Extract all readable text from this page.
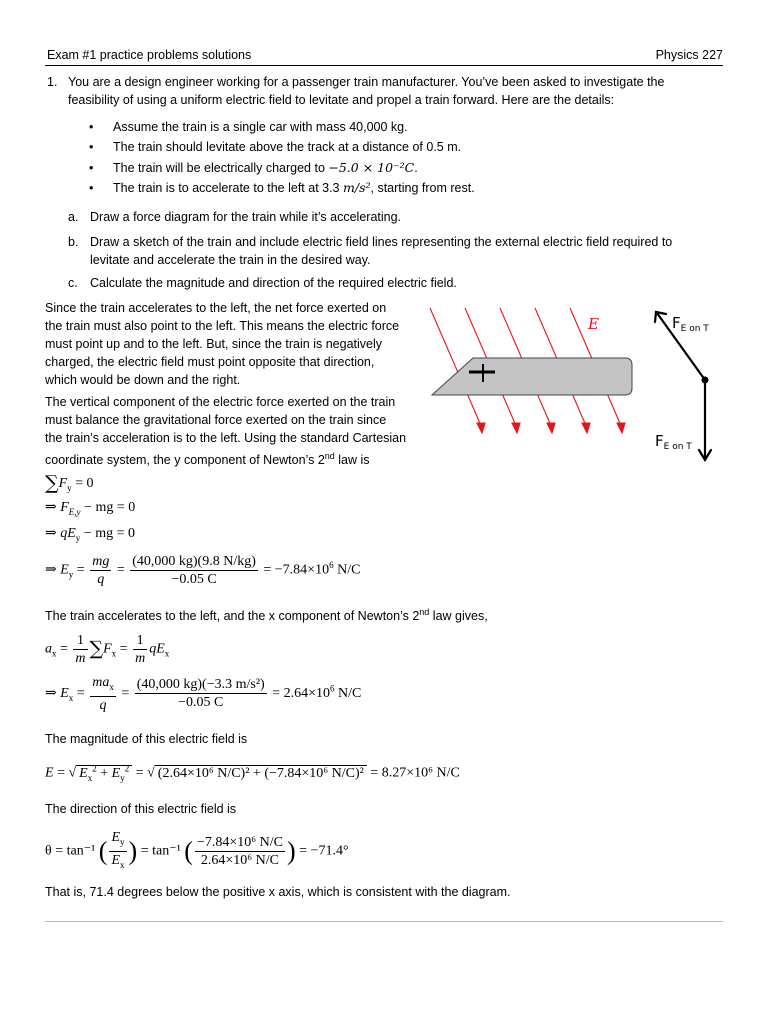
Exam #1 practice problems solutions	Physics 227
1. You are a design engineer working for a passenger train manufacturer. You’ve been asked to investigate the
feasibility of using a uniform electric field to levitate and propel a train forward. Here are the details:
• Assume the train is a single car with mass 40,000 kg.
• The train should levitate above the track at a distance of 0.5 m.
• The train will be electrically charged to −5.0 × 10⁻²C.
• The train is to accelerate to the left at 3.3 m/s², starting from rest.
a. Draw a force diagram for the train while it’s accelerating.
b. Draw a sketch of the train and include electric field lines representing the external electric field required to
levitate and accelerate the train in the desired way.
c. Calculate the magnitude and direction of the required electric field.
Since the train accelerates to the left, the net force exerted on
the train must also point to the left. This means the electric force
must point up and to the left. But, since the train is negatively
charged, the electric field must point opposite that direction,
which would be down and the right.
The vertical component of the electric force exerted on the train
must balance the gravitational force exerted on the train since
the train’s acceleration is to the left. Using the standard Cartesian
coordinate system, the y component of Newton’s 2nd law is
$\sum F_y = 0$
⇒ $F_{E,y}$ − mg = 0
⇒ $qE_y$ − mg = 0
⇒ $E_y = \frac{mg}{q} = \frac{(40,000 kg)(9.8 N/kg)}{-0.05 C} = -7.84\times 10^6$ N/C
The train accelerates to the left, and the x component of Newton’s 2nd law gives,
$a_x = \frac{1}{m} \sum F_x = \frac{1}{m} qE_x$
⇒ $E_x = \frac{ma_x}{q} = \frac{\text{(40,000 kg)(−3.3 m/s²)}}{-0.05 C} = 2.64\times 10^6$ N/C
The magnitude of this electric field is
E = √ $E_x^2 + E_y^2$ = √ (2.64×10⁶ N/C)² + (−7.84×10⁶ N/C)² = 8.27×10⁶ N/C
The direction of this electric field is
θ = tan⁻¹ ( $\frac{E_y}{E_x}$ ) = tan⁻¹ ( $\frac{\text{−7.84×10⁶ N/C}}{\text{2.64×10⁶ N/C}}$ ) = −71.4°
That is, 71.4 degrees below the positive x axis, which is consistent with the diagram.
E	$F_{E on T}$
$F_{E on T}$
